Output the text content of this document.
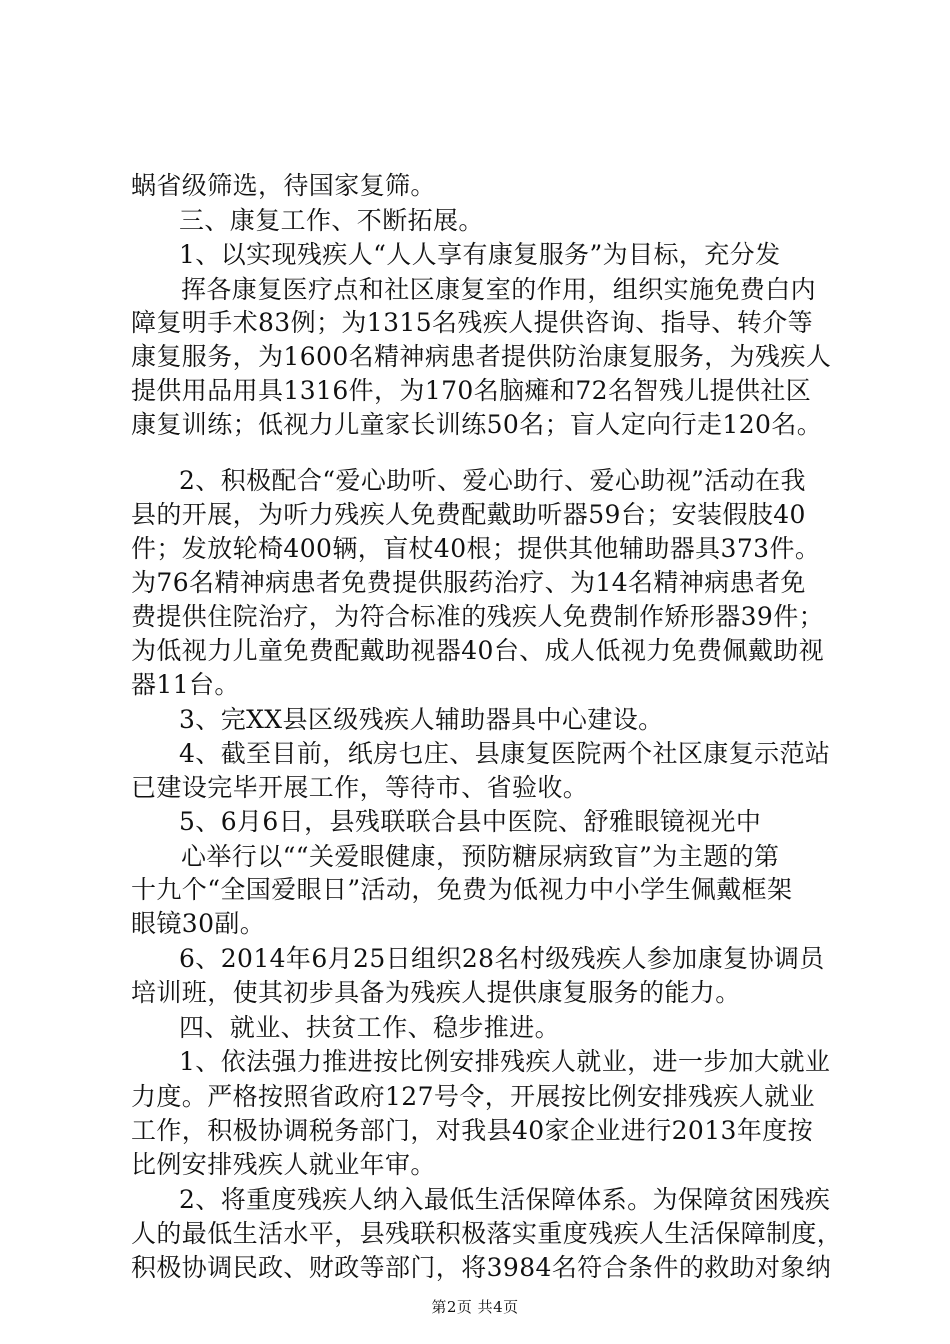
蜗省级筛选，待国家复筛。
三、康复工作、不断拓展。
1、以实现残疾人“人人享有康复服务”为目标，充分发
挥各康复医疗点和社区康复室的作用，组织实施免费白内
障复明手术83例；为1315名残疾人提供咨询、指导、转介等
康复服务，为1600名精神病患者提供防治康复服务，为残疾人
提供用品用具1316件，为170名脑瘫和72名智残儿提供社区
康复训练；低视力儿童家长训练50名；盲人定向行走120名。
2、积极配合“爱心助听、爱心助行、爱心助视”活动在我
县的开展，为听力残疾人免费配戴助听器59台；安装假肢40
件；发放轮椅400辆，盲杖40根；提供其他辅助器具373件。
为76名精神病患者免费提供服药治疗、为14名精神病患者免
费提供住院治疗，为符合标准的残疾人免费制作矫形器39件；
为低视力儿童免费配戴助视器40台、成人低视力免费佩戴助视
器11台。
3、完XX县区级残疾人辅助器具中心建设。
4、截至目前，纸房乜庄、县康复医院两个社区康复示范站
已建设完毕开展工作，等待市、省验收。
5、6月6日，县残联联合县中医院、舒雅眼镜视光中
心举行以““关爱眼健康，预防糖尿病致盲”为主题的第
十九个“全国爱眼日”活动，免费为低视力中小学生佩戴框架
眼镜30副。
6、2014年6月25日组织28名村级残疾人参加康复协调员
培训班，使其初步具备为残疾人提供康复服务的能力。
四、就业、扶贫工作、稳步推进。
1、依法强力推进按比例安排残疾人就业，进一步加大就业
力度。严格按照省政府127号令，开展按比例安排残疾人就业
工作，积极协调税务部门，对我县40家企业进行2013年度按
比例安排残疾人就业年审。
2、将重度残疾人纳入最低生活保障体系。为保障贫困残疾
人的最低生活水平，县残联积极落实重度残疾人生活保障制度，
积极协调民政、财政等部门，将3984名符合条件的救助对象纳
第2页 共4页
